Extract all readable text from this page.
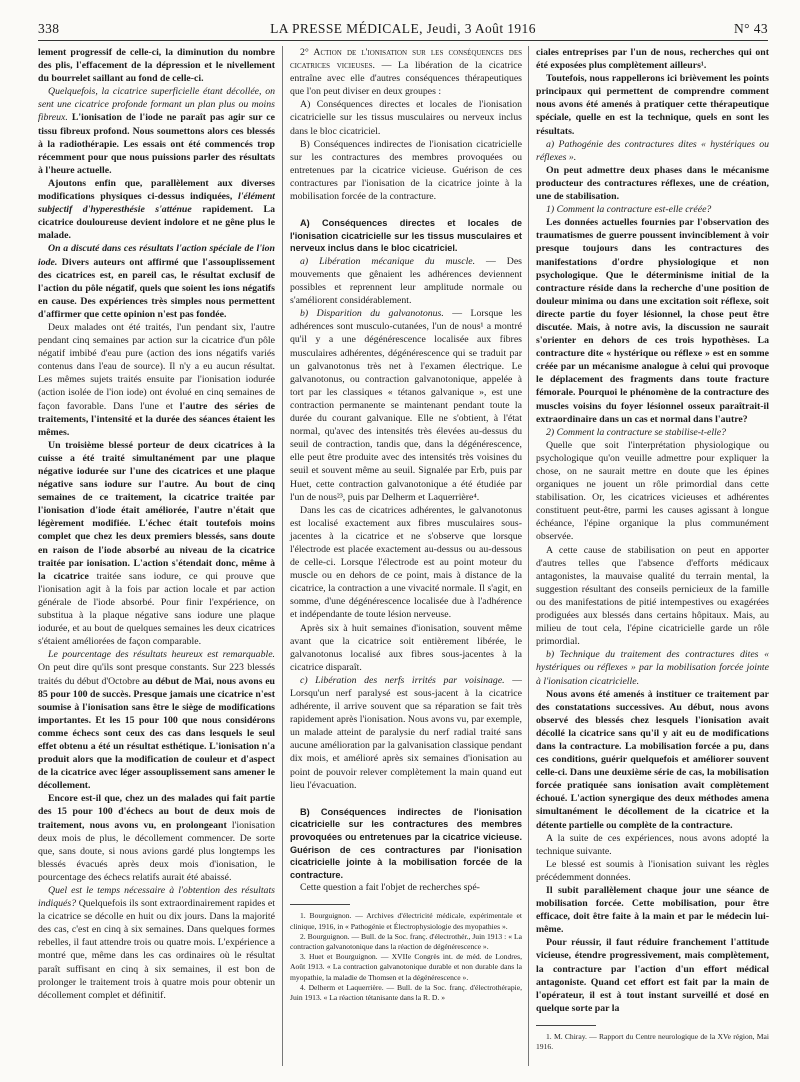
338	LA PRESSE MÉDICALE, Jeudi, 3 Août 1916	N° 43

lement progressif de celle-ci, la diminution du nombre des plis, l'effacement de la dépression et le nivellement du bourrelet saillant au fond de celle-ci.

Quelquefois, la cicatrice superficielle étant décollée, on sent une cicatrice profonde formant un plan plus ou moins fibreux. L'ionisation de l'iode ne paraît pas agir sur ce tissu fibreux profond. Nous soumettons alors ces blessés à la radiothérapie. Les essais ont été commencés trop récemment pour que nous puissions parler des résultats à l'heure actuelle.

Ajoutons enfin que, parallèlement aux diverses modifications physiques ci-dessus indiquées, l'élément subjectif d'hyperesthésie s'atténue rapidement. La cicatrice douloureuse devient indolore et ne gêne plus le malade.

On a discuté dans ces résultats l'action spéciale de l'ion iode. Divers auteurs ont affirmé que l'assouplissement des cicatrices est, en pareil cas, le résultat exclusif de l'action du pôle négatif, quels que soient les ions négatifs en cause. Des expériences très simples nous permettent d'affirmer que cette opinion n'est pas fondée.

Deux malades ont été traités, l'un pendant six, l'autre pendant cinq semaines par action sur la cicatrice d'un pôle négatif imbibé d'eau pure (action des ions négatifs variés contenus dans l'eau de source). Il n'y a eu aucun résultat. Les mêmes sujets traités ensuite par l'ionisation iodurée (action isolée de l'ion iode) ont évolué en cinq semaines de façon favorable. Dans l'une et l'autre des séries de traitements, l'intensité et la durée des séances étaient les mêmes.

Un troisième blessé porteur de deux cicatrices à la cuisse a été traité simultanément par une plaque négative iodurée sur l'une des cicatrices et une plaque négative sans iodure sur l'autre. Au bout de cinq semaines de ce traitement, la cicatrice traitée par l'ionisation d'iode était améliorée, l'autre n'était que légèrement modifiée. L'échec était toutefois moins complet que chez les deux premiers blessés, sans doute en raison de l'iode absorbé au niveau de la cicatrice traitée par ionisation. L'action s'étendait donc, même à la cicatrice traitée sans iodure, ce qui prouve que l'ionisation agit à la fois par action locale et par action générale de l'iode absorbé. Pour finir l'expérience, on substitua à la plaque négative sans iodure une plaque iodurée, et au bout de quelques semaines les deux cicatrices s'étaient améliorées de façon comparable.

Le pourcentage des résultats heureux est remarquable. On peut dire qu'ils sont presque constants. Sur 223 blessés traités du début d'Octobre au début de Mai, nous avons eu 85 pour 100 de succès. Presque jamais une cicatrice n'est soumise à l'ionisation sans être le siège de modifications importantes. Et les 15 pour 100 que nous considérons comme échecs sont ceux des cas dans lesquels le seul effet obtenu a été un résultat esthétique. L'ionisation n'a produit alors que la modification de couleur et d'aspect de la cicatrice avec léger assouplissement sans amener le décollement.

Encore est-il que, chez un des malades qui fait partie des 15 pour 100 d'échecs au bout de deux mois de traitement, nous avons vu, en prolongeant l'ionisation deux mois de plus, le décollement commencer. De sorte que, sans doute, si nous avions gardé plus longtemps les blessés évacués après deux mois d'ionisation, le pourcentage des échecs relatifs aurait été abaissé.

Quel est le temps nécessaire à l'obtention des résultats indiqués? Quelquefois ils sont extraordinairement rapides et la cicatrice se décolle en huit ou dix jours. Dans la majorité des cas, c'est en cinq à six semaines. Dans quelques formes rebelles, il faut attendre trois ou quatre mois. L'expérience a montré que, même dans les cas ordinaires où le résultat paraît suffisant en cinq à six semaines, il est bon de prolonger le traitement trois à quatre mois pour obtenir un décollement complet et définitif.

2° Action de l'ionisation sur les conséquences des cicatrices vicieuses. — La libération de la cicatrice entraîne avec elle d'autres conséquences thérapeutiques que l'on peut diviser en deux groupes :

A) Conséquences directes et locales de l'ionisation cicatricielle sur les tissus musculaires ou nerveux inclus dans le bloc cicatriciel.

B) Conséquences indirectes de l'ionisation cicatricielle sur les contractures des membres provoquées ou entretenues par la cicatrice vicieuse. Guérison de ces contractures par l'ionisation de la cicatrice jointe à la mobilisation forcée de la contracture.

A) Conséquences directes et locales de l'ionisation cicatricielle sur les tissus musculaires et nerveux inclus dans le bloc cicatriciel.

a) Libération mécanique du muscle. — Des mouvements que gênaient les adhérences deviennent possibles et reprennent leur amplitude normale ou s'améliorent considérablement.

b) Disparition du galvanotonus. — Lorsque les adhérences sont musculo-cutanées, l'un de nous¹ a montré qu'il y a une dégénérescence localisée aux fibres musculaires adhérentes, dégénérescence qui se traduit par un galvanotonus très net à l'examen électrique. Le galvanotonus, ou contraction galvanotonique, appelée à tort par les classiques « tétanos galvanique », est une contraction permanente se maintenant pendant toute la durée du courant galvanique. Elle ne s'obtient, à l'état normal, qu'avec des intensités très élevées au-dessus du seuil de contraction, tandis que, dans la dégénérescence, elle peut être produite avec des intensités très voisines du seuil et souvent même au seuil. Signalée par Erb, puis par Huet, cette contraction galvanotonique a été étudiée par l'un de nous²³, puis par Delherm et Laquerrière⁴.

Dans les cas de cicatrices adhérentes, le galvanotonus est localisé exactement aux fibres musculaires sous-jacentes à la cicatrice et ne s'observe que lorsque l'électrode est placée exactement au-dessus ou au-dessous de celle-ci. Lorsque l'électrode est au point moteur du muscle ou en dehors de ce point, mais à distance de la cicatrice, la contraction a une vivacité normale. Il s'agit, en somme, d'une dégénérescence localisée due à l'adhérence et indépendante de toute lésion nerveuse.

Après six à huit semaines d'ionisation, souvent même avant que la cicatrice soit entièrement libérée, le galvanotonus localisé aux fibres sous-jacentes à la cicatrice disparaît.

c) Libération des nerfs irrités par voisinage. — Lorsqu'un nerf paralysé est sous-jacent à la cicatrice adhérente, il arrive souvent que sa réparation se fait très rapidement après l'ionisation. Nous avons vu, par exemple, un malade atteint de paralysie du nerf radial traité sans aucune amélioration par la galvanisation classique pendant dix mois, et amélioré après six semaines d'ionisation au point de pouvoir relever complètement la main quand eut lieu l'évacuation.

B) Conséquences indirectes de l'ionisation cicatricielle sur les contractures des membres provoquées ou entretenues par la cicatrice vicieuse. Guérison de ces contractures par l'ionisation cicatricielle jointe à la mobilisation forcée de la contracture.

Cette question a fait l'objet de recherches spé-

1. Bourguignon. — Archives d'électricité médicale, expérimentale et clinique, 1916, in « Pathogénie et Électrophysiologie des myopathies ».

2. Bourguignon. — Bull. de la Soc. franç. d'électrothér., Juin 1913 : « La contraction galvanotonique dans la réaction de dégénérescence ».

3. Huet et Bourguignon. — XVIIe Congrès int. de méd. de Londres, Août 1913. « La contraction galvanotonique durable et non durable dans la myopathie, la maladie de Thomsen et la dégénérescence ».

4. Delherm et Laquerrière. — Bull. de la Soc. franç. d'électrothérapie, Juin 1913. « La réaction tétanisante dans la R. D. »

ciales entreprises par l'un de nous, recherches qui ont été exposées plus complètement ailleurs¹.

Toutefois, nous rappellerons ici brièvement les points principaux qui permettent de comprendre comment nous avons été amenés à pratiquer cette thérapeutique spéciale, quelle en est la technique, quels en sont les résultats.

a) Pathogénie des contractures dites « hystériques ou réflexes ».

On peut admettre deux phases dans le mécanisme producteur des contractures réflexes, une de création, une de stabilisation.

1) Comment la contracture est-elle créée?

Les données actuelles fournies par l'observation des traumatismes de guerre poussent invinciblement à voir presque toujours dans les contractures des manifestations d'ordre physiologique et non psychologique. Que le déterminisme initial de la contracture réside dans la recherche d'une position de douleur minima ou dans une excitation soit réflexe, soit directe partie du foyer lésionnel, la chose peut être discutée. Mais, à notre avis, la discussion ne saurait s'orienter en dehors de ces trois hypothèses. La contracture dite « hystérique ou réflexe » est en somme créée par un mécanisme analogue à celui qui provoque le déplacement des fragments dans toute fracture fémorale. Pourquoi le phénomène de la contracture des muscles voisins du foyer lésionnel osseux paraîtrait-il extraordinaire dans un cas et normal dans l'autre?

2) Comment la contracture se stabilise-t-elle?

Quelle que soit l'interprétation physiologique ou psychologique qu'on veuille admettre pour expliquer la chose, on ne saurait mettre en doute que les épines organiques ne jouent un rôle primordial dans cette stabilisation. Or, les cicatrices vicieuses et adhérentes constituent peut-être, parmi les causes agissant à longue échéance, l'épine organique la plus communément observée.

A cette cause de stabilisation on peut en apporter d'autres telles que l'absence d'efforts médicaux antagonistes, la mauvaise qualité du terrain mental, la suggestion résultant des conseils pernicieux de la famille ou des manifestations de pitié intempestives ou exagérées prodiguées aux blessés dans certains hôpitaux. Mais, au milieu de tout cela, l'épine cicatricielle garde un rôle primordial.

b) Technique du traitement des contractures dites « hystériques ou réflexes » par la mobilisation forcée jointe à l'ionisation cicatricielle.

Nous avons été amenés à instituer ce traitement par des constatations successives. Au début, nous avons observé des blessés chez lesquels l'ionisation avait décollé la cicatrice sans qu'il y ait eu de modifications dans la contracture. La mobilisation forcée a pu, dans ces conditions, guérir quelquefois et améliorer souvent celle-ci. Dans une deuxième série de cas, la mobilisation forcée pratiquée sans ionisation avait complètement échoué. L'action synergique des deux méthodes amena simultanément le décollement de la cicatrice et la détente partielle ou complète de la contracture.

A la suite de ces expériences, nous avons adopté la technique suivante.

Le blessé est soumis à l'ionisation suivant les règles précédemment données.

Il subit parallèlement chaque jour une séance de mobilisation forcée. Cette mobilisation, pour être efficace, doit être faite à la main et par le médecin lui-même.

Pour réussir, il faut réduire franchement l'attitude vicieuse, étendre progressivement, mais complètement, la contracture par l'action d'un effort médical antagoniste. Quand cet effort est fait par la main de l'opérateur, il est à tout instant surveillé et dosé en quelque sorte par la

1. M. Chiray. — Rapport du Centre neurologique de la XVe région, Mai 1916.
